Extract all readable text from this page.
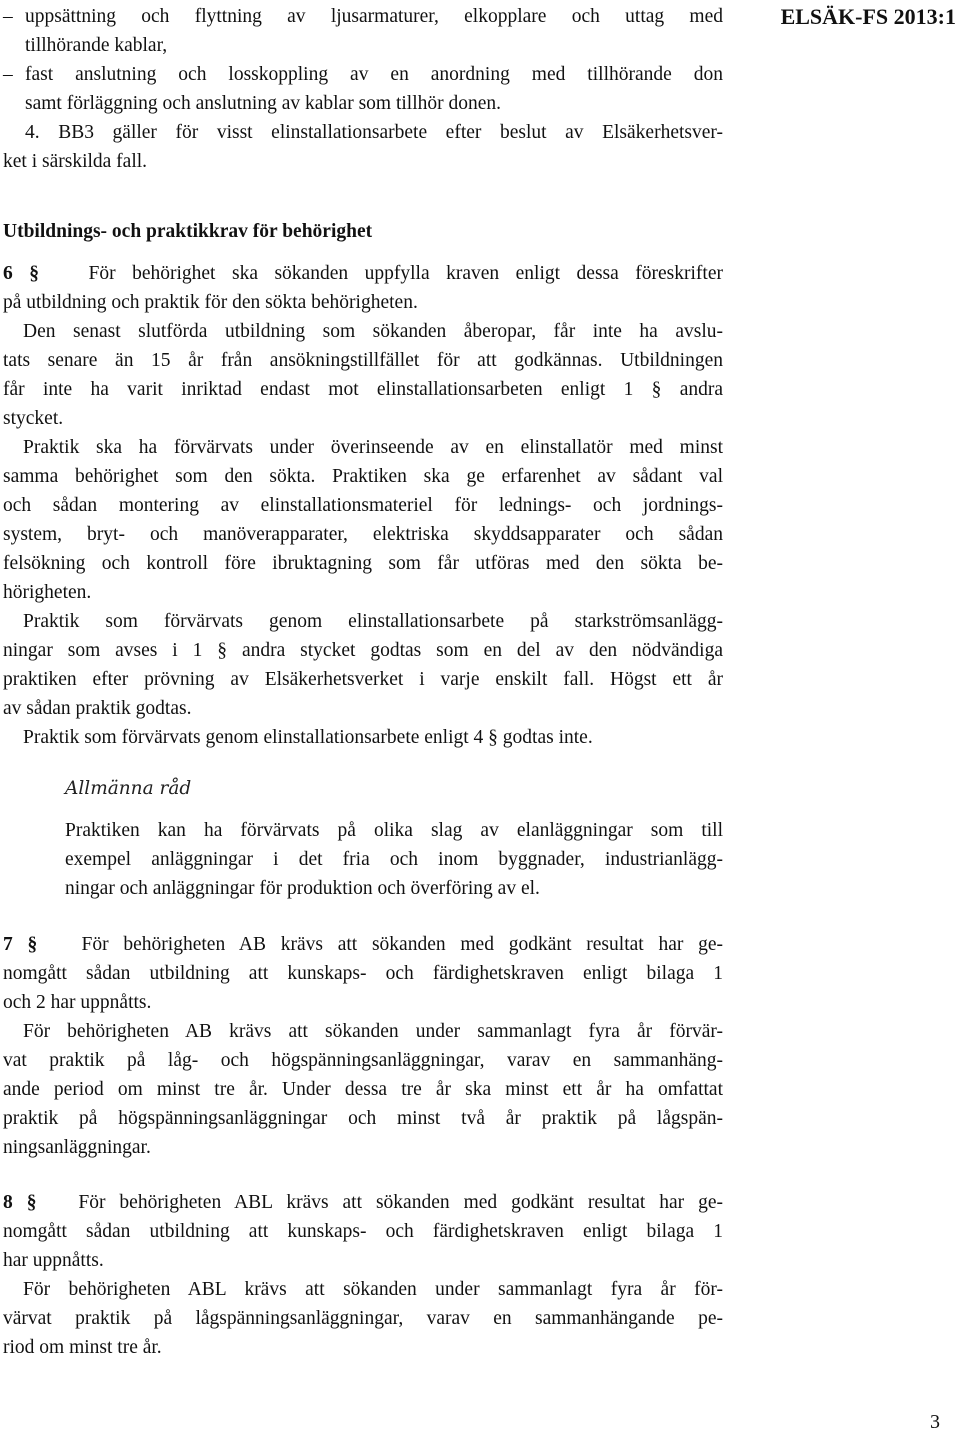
ELSÄK-FS 2013:1
– uppsättning och flyttning av ljusarmaturer, elkopplare och uttag med
tillhörande kablar,
– fast anslutning och losskoppling av en anordning med tillhörande don
samt förläggning och anslutning av kablar som tillhör donen.
4. BB3 gäller för visst elinstallationsarbete efter beslut av Elsäkerhetsver-
ket i särskilda fall.
Utbildnings- och praktikkrav för behörighet
6 §	För behörighet ska sökanden uppfylla kraven enligt dessa föreskrifter
på utbildning och praktik för den sökta behörigheten.
Den senast slutförda utbildning som sökanden åberopar, får inte ha avslu-
tats senare än 15 år från ansökningstillfället för att godkännas. Utbildningen
får inte ha varit inriktad endast mot elinstallationsarbeten enligt 1 § andra
stycket.
Praktik ska ha förvärvats under överinseende av en elinstallatör med minst
samma behörighet som den sökta. Praktiken ska ge erfarenhet av sådant val
och sådan montering av elinstallationsmateriel för lednings- och jordnings-
system, bryt- och manöverapparater, elektriska skyddsapparater och sådan
felsökning och kontroll före ibruktagning som får utföras med den sökta be-
hörigheten.
Praktik som förvärvats genom elinstallationsarbete på starkströmsanlägg-
ningar som avses i 1 § andra stycket godtas som en del av den nödvändiga
praktiken efter prövning av Elsäkerhetsverket i varje enskilt fall. Högst ett år
av sådan praktik godtas.
Praktik som förvärvats genom elinstallationsarbete enligt 4 § godtas inte.
Allmänna råd
Praktiken kan ha förvärvats på olika slag av elanläggningar som till
exempel anläggningar i det fria och inom byggnader, industrianlägg-
ningar och anläggningar för produktion och överföring av el.
7 § För behörigheten AB krävs att sökanden med godkänt resultat har ge-
nomgått sådan utbildning att kunskaps- och färdighetskraven enligt bilaga 1
och 2 har uppnåtts.
För behörigheten AB krävs att sökanden under sammanlagt fyra år förvär-
vat praktik på låg- och högspänningsanläggningar, varav en sammanhäng-
ande period om minst tre år. Under dessa tre år ska minst ett år ha omfattat
praktik på högspänningsanläggningar och minst två år praktik på lågspän-
ningsanläggningar.
8 § För behörigheten ABL krävs att sökanden med godkänt resultat har ge-
nomgått sådan utbildning att kunskaps- och färdighetskraven enligt bilaga 1
har uppnåtts.
För behörigheten ABL krävs att sökanden under sammanlagt fyra år för-
värvat praktik på lågspänningsanläggningar, varav en sammanhängande pe-
riod om minst tre år.
3
